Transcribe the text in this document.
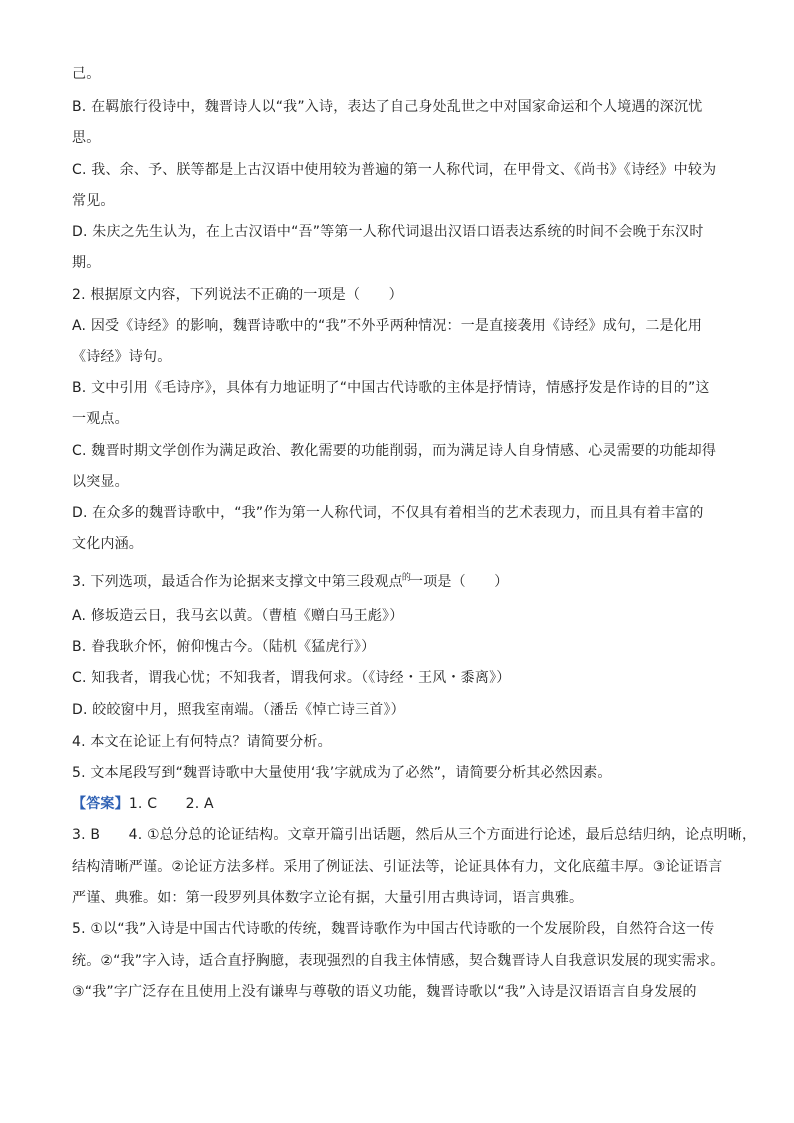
己。
B. 在羁旅行役诗中，魏晋诗人以“我”入诗，表达了自己身处乱世之中对国家命运和个人境遇的深沉忧
思。
C. 我、余、予、朕等都是上古汉语中使用较为普遍的第一人称代词，在甲骨文、《尚书》《诗经》中较为
常见。
D. 朱庆之先生认为，在上古汉语中“吾”等第一人称代词退出汉语口语表达系统的时间不会晚于东汉时
期。
2. 根据原文内容，下列说法不正确的一项是（　　）
A. 因受《诗经》的影响，魏晋诗歌中的“我”不外乎两种情况：一是直接袭用《诗经》成句，二是化用
《诗经》诗句。
B. 文中引用《毛诗序》，具体有力地证明了“中国古代诗歌的主体是抒情诗，情感抒发是作诗的目的”这
一观点。
C. 魏晋时期文学创作为满足政治、教化需要的功能削弱，而为满足诗人自身情感、心灵需要的功能却得
以突显。
D. 在众多的魏晋诗歌中，“我”作为第一人称代词，不仅具有着相当的艺术表现力，而且具有着丰富的
文化内涵。
3. 下列选项，最适合作为论据来支撑文中第三段观点$^的$一项是（　　）
A. 修坂造云日，我马玄以黄。（曹植《赠白马王彪》）
B. 眷我耿介怀，俯仰愧古今。（陆机《猛虎行》）
C. 知我者，谓我心忧；不知我者，谓我何求。（《诗经・王风・黍离》）
D. 皎皎窗中月，照我室南端。（潘岳《悼亡诗三首》）
4. 本文在论证上有何特点？请简要分析。
5. 文本尾段写到“魏晋诗歌中大量使用‘我’字就成为了必然”，请简要分析其必然因素。
【答案】1. C　　2. A
3. B　　4. ①总分总的论证结构。文章开篇引出话题，然后从三个方面进行论述，最后总结归纳，论点明晰，
结构清晰严谨。②论证方法多样。采用了例证法、引证法等，论证具体有力，文化底蕴丰厚。③论证语言
严谨、典雅。如：第一段罗列具体数字立论有据，大量引用古典诗词，语言典雅。
5. ①以“我”入诗是中国古代诗歌的传统，魏晋诗歌作为中国古代诗歌的一个发展阶段，自然符合这一传
统。②“我”字入诗，适合直抒胸臆，表现强烈的自我主体情感，契合魏晋诗人自我意识发展的现实需求。
③“我”字广泛存在且使用上没有谦卑与尊敬的语义功能，魏晋诗歌以“我”入诗是汉语语言自身发展的
